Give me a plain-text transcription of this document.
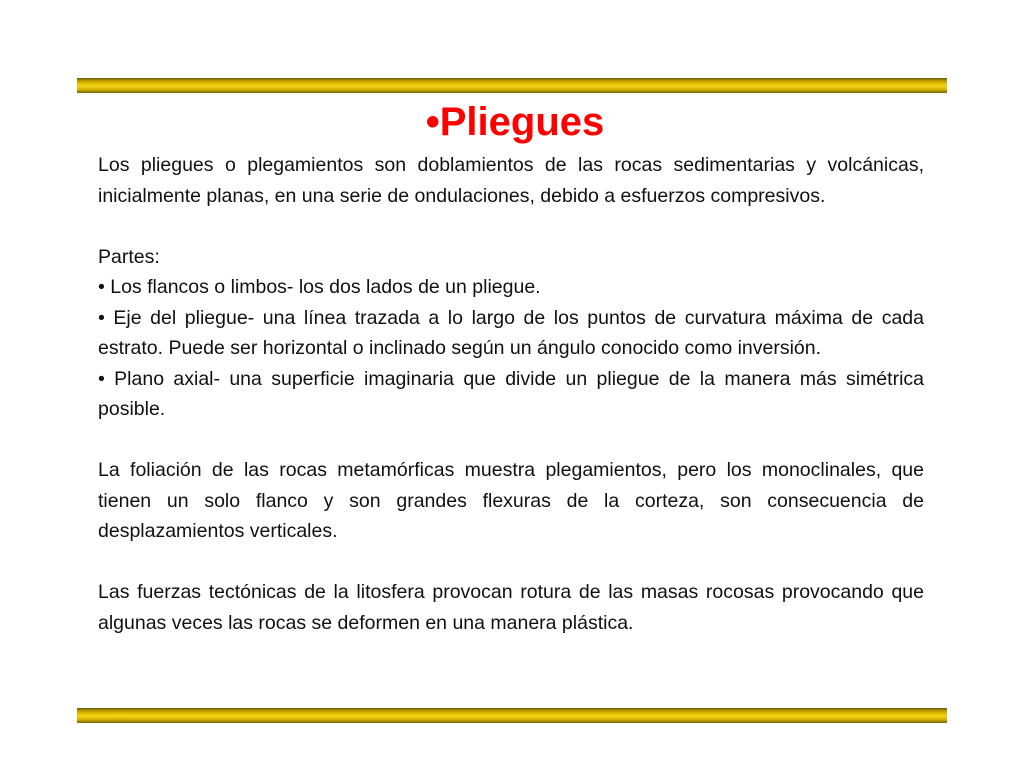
•Pliegues

Los pliegues o plegamientos son doblamientos de las rocas sedimentarias y volcánicas, inicialmente planas, en una serie de ondulaciones, debido a esfuerzos compresivos.

Partes:

• Los flancos o limbos- los dos lados de un pliegue.

• Eje del pliegue- una línea trazada a lo largo de los puntos de curvatura máxima de cada estrato. Puede ser horizontal o inclinado según un ángulo conocido como inversión.

• Plano axial- una superficie imaginaria que divide un pliegue de la manera más simétrica posible.

La foliación de las rocas metamórficas muestra plegamientos, pero los monoclinales, que tienen un solo flanco y son grandes flexuras de la corteza, son consecuencia de desplazamientos verticales.

Las fuerzas tectónicas de la litosfera provocan rotura de las masas rocosas provocando que algunas veces las rocas se deformen en una manera plástica.
